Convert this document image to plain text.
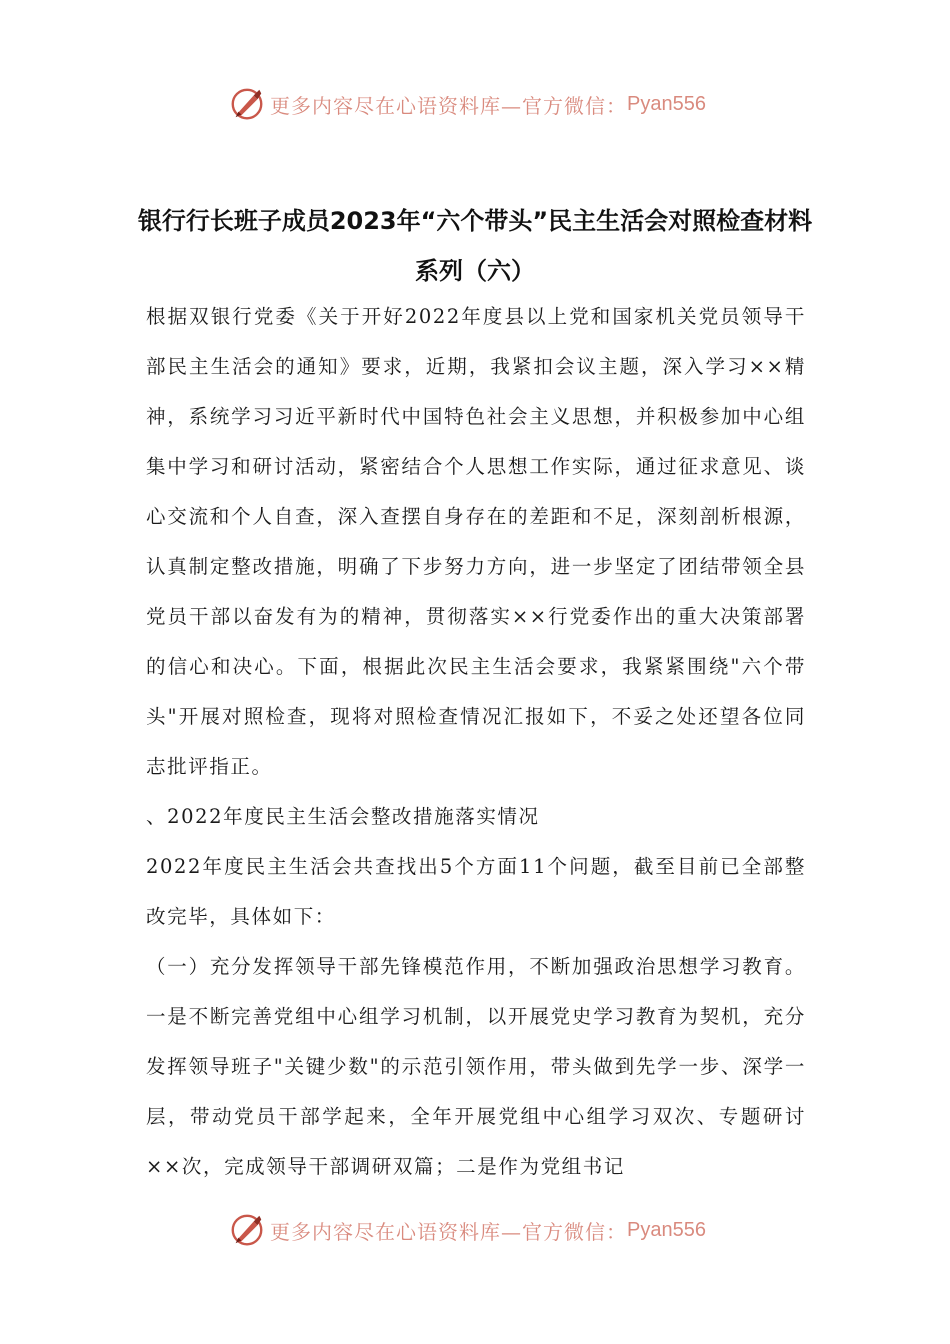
更多内容尽在心语资料库—官方微信： Pyan556
银行行长班子成员2023年“六个带头”民主生活会对照检查材料系列（六）

根据双银行党委《关于开好2022年度县以上党和国家机关党员领导干部民主生活会的通知》要求，近期，我紧扣会议主题，深入学习××精神，系统学习习近平新时代中国特色社会主义思想，并积极参加中心组集中学习和研讨活动，紧密结合个人思想工作实际，通过征求意见、谈心交流和个人自查，深入查摆自身存在的差距和不足，深刻剖析根源，认真制定整改措施，明确了下步努力方向，进一步坚定了团结带领全县党员干部以奋发有为的精神，贯彻落实××行党委作出的重大决策部署的信心和决心。下面，根据此次民主生活会要求，我紧紧围绕"六个带头"开展对照检查，现将对照检查情况汇报如下，不妥之处还望各位同志批评指正。

、2022年度民主生活会整改措施落实情况

2022年度民主生活会共查找出5个方面11个问题，截至目前已全部整改完毕，具体如下：

（一）充分发挥领导干部先锋模范作用，不断加强政治思想学习教育。一是不断完善党组中心组学习机制，以开展党史学习教育为契机，充分发挥领导班子"关键少数"的示范引领作用，带头做到先学一步、深学一层，带动党员干部学起来，全年开展党组中心组学习双次、专题研讨××次，完成领导干部调研双篇；二是作为党组书记

更多内容尽在心语资料库—官方微信： Pyan556
